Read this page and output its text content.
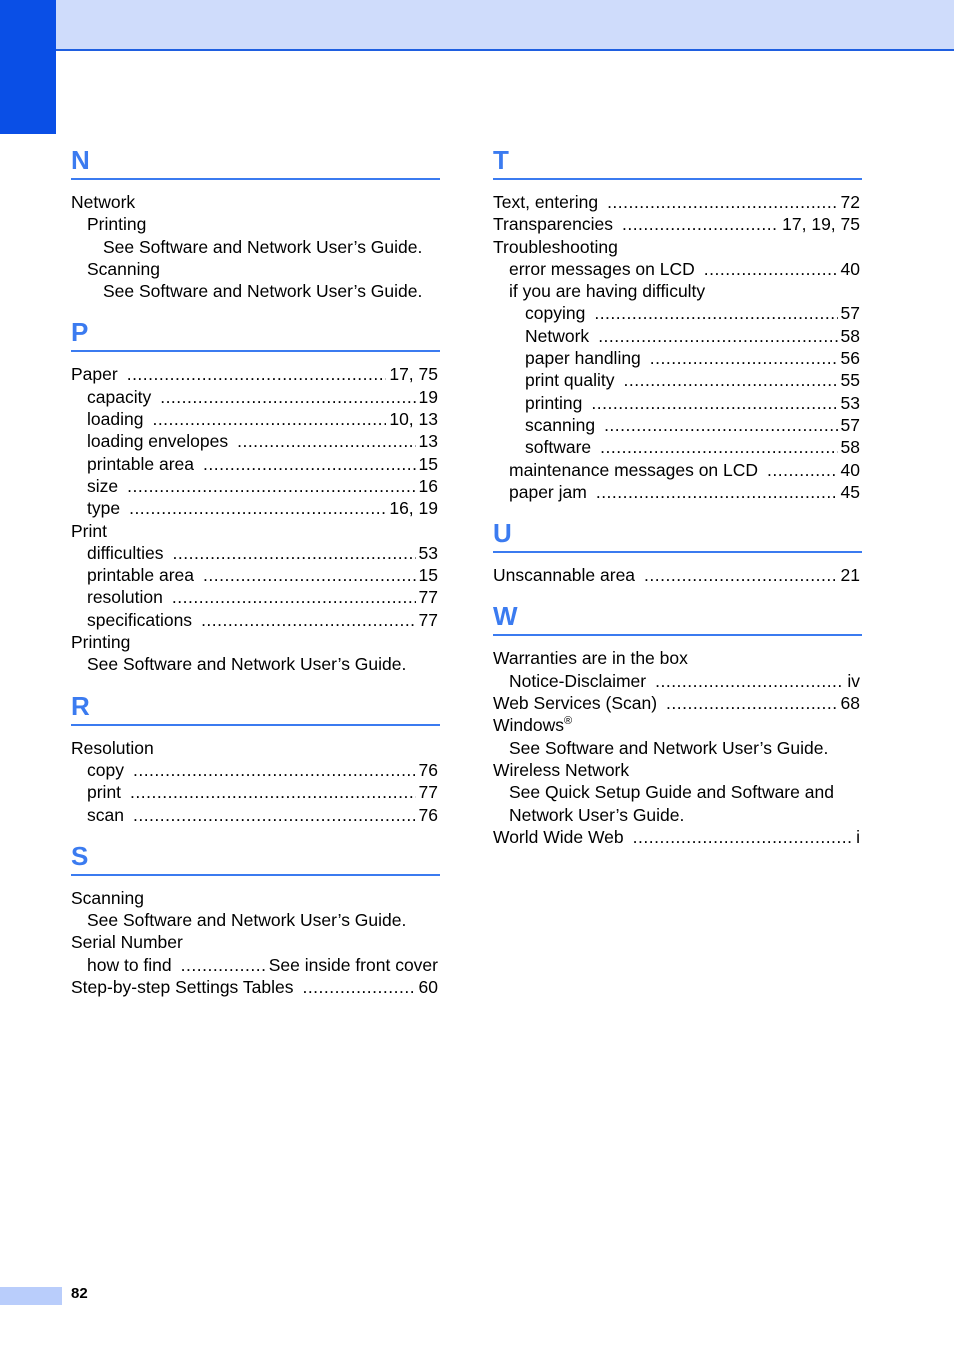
N
Network
Printing
See Software and Network User’s Guide.
Scanning
See Software and Network User’s Guide.
P
Paper .....	17, 75
capacity .....	19
loading .....	10, 13
loading envelopes .....	13
printable area .....	15
size .....	16
type .....	16, 19
Print
difficulties .....	53
printable area .....	15
resolution .....	77
specifications .....	77
Printing
See Software and Network User’s Guide.
R
Resolution
copy .....	76
print .....	77
scan .....	76
S
Scanning
See Software and Network User’s Guide.
Serial Number
how to find .....	See inside front cover
Step-by-step Settings Tables .....	60
T
Text, entering .....	72
Transparencies .....	17, 19, 75
Troubleshooting
error messages on LCD .....	40
if you are having difficulty
copying .....	57
Network .....	58
paper handling .....	56
print quality .....	55
printing .....	53
scanning .....	57
software .....	58
maintenance messages on LCD .....	40
paper jam .....	45
U
Unscannable area .....	21
W
Warranties are in the box
Notice-Disclaimer .....	iv
Web Services (Scan) .....	68
Windows®
See Software and Network User’s Guide.
Wireless Network
See Quick Setup Guide and Software and
Network User’s Guide.
World Wide Web .....	i
82
